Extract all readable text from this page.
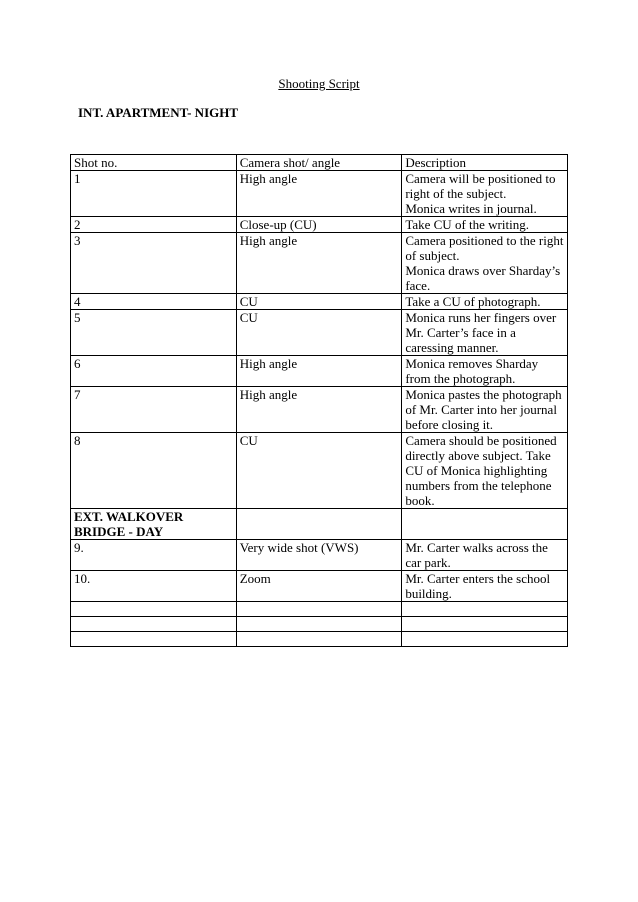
Shooting Script
INT. APARTMENT- NIGHT
Shot no.	Camera shot/ angle	Description
1	High angle	Camera will be positioned to right of the subject.
Monica writes in journal.
2	Close-up (CU)	Take CU of the writing.
3	High angle	Camera positioned to the right of subject.
Monica draws over Sharday’s face.
4	CU	Take a CU of photograph.
5	CU	Monica runs her fingers over Mr. Carter’s face in a caressing manner.
6	High angle	Monica removes Sharday from the photograph.
7	High angle	Monica pastes the photograph of Mr. Carter into her journal before closing it.
8	CU	Camera should be positioned directly above subject. Take CU of Monica highlighting numbers from the telephone book.
EXT. WALKOVER BRIDGE - DAY		
9.	Very wide shot (VWS)	Mr. Carter walks across the car park.
10.	Zoom	Mr. Carter enters the school building.
